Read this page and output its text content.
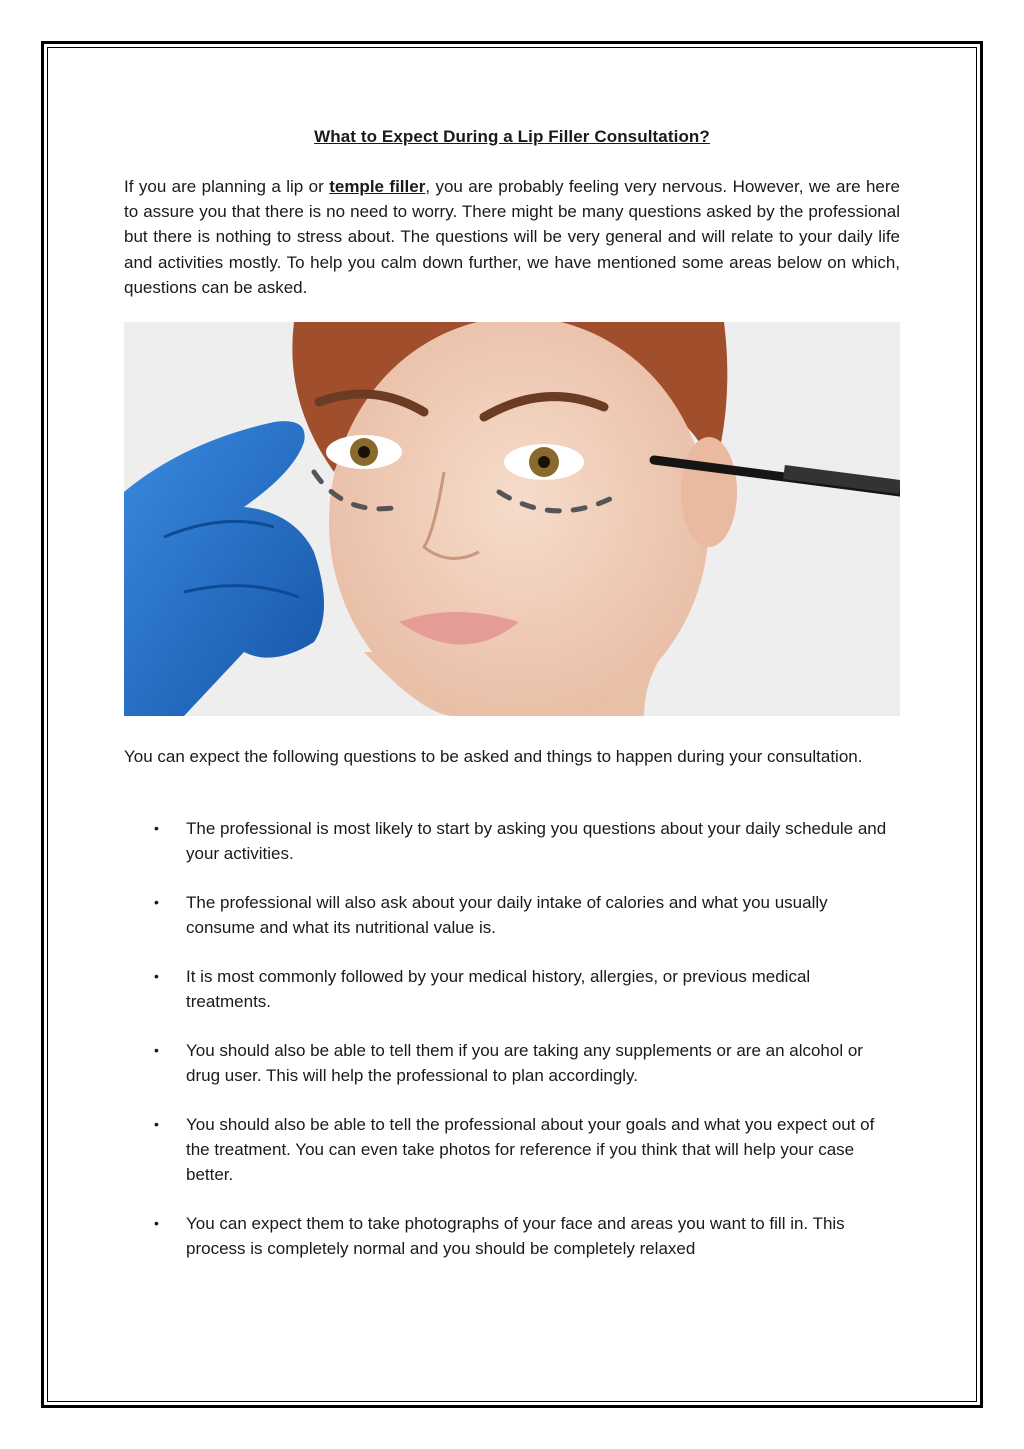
What to Expect During a Lip Filler Consultation?

If you are planning a lip or temple filler, you are probably feeling very nervous. However, we are here to assure you that there is no need to worry. There might be many questions asked by the professional but there is nothing to stress about. The questions will be very general and will relate to your daily life and activities mostly. To help you calm down further, we have mentioned some areas below on which, questions can be asked.

You can expect the following questions to be asked and things to happen during your consultation.

• The professional is most likely to start by asking you questions about your daily schedule and your activities.
• The professional will also ask about your daily intake of calories and what you usually consume and what its nutritional value is.
• It is most commonly followed by your medical history, allergies, or previous medical treatments.
• You should also be able to tell them if you are taking any supplements or are an alcohol or drug user. This will help the professional to plan accordingly.
• You should also be able to tell the professional about your goals and what you expect out of the treatment. You can even take photos for reference if you think that will help your case better.
• You can expect them to take photographs of your face and areas you want to fill in. This process is completely normal and you should be completely relaxed
